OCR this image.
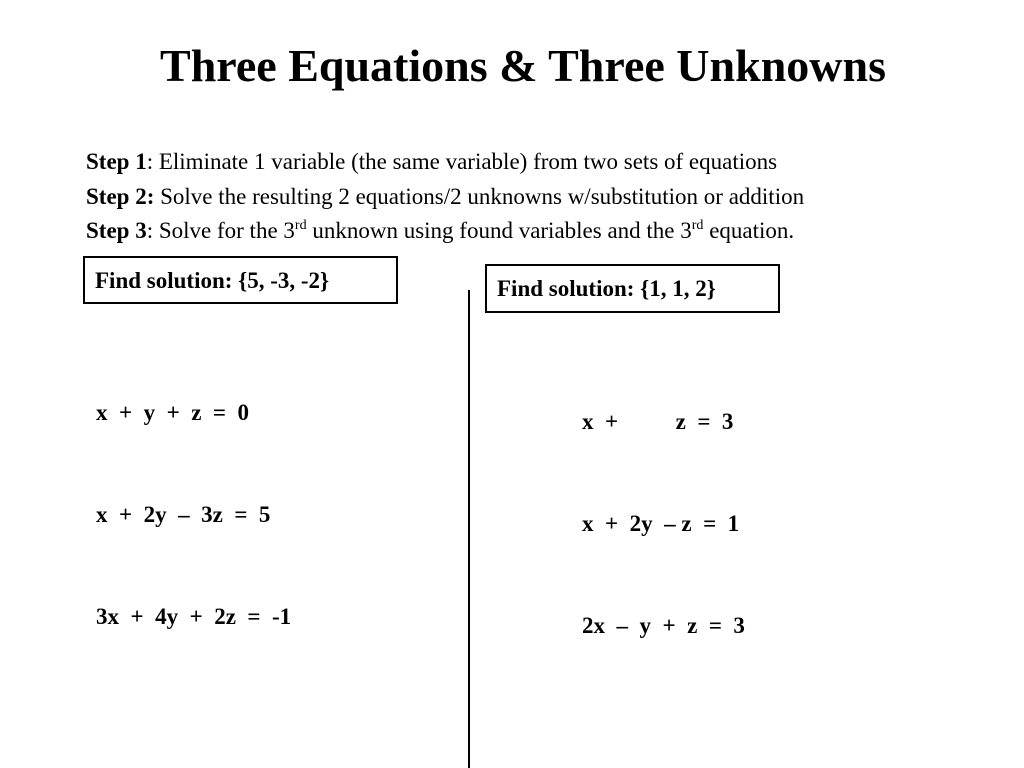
Three Equations & Three Unknowns
Step 1: Eliminate 1 variable (the same variable) from two sets of equations
Step 2: Solve the resulting 2 equations/2 unknowns w/substitution or addition
Step 3: Solve for the 3rd unknown using found variables and the 3rd equation.
Find solution: {5, -3, -2}	Find solution: {1, 1, 2}

x  +  y  +  z  =  0

x  +  2y  –  3z  =  5

3x  +  4y  +  2z  =  -1

x  +          z  =  3

x  +  2y  – z  =  1

2x  –  y  +  z  =  3
